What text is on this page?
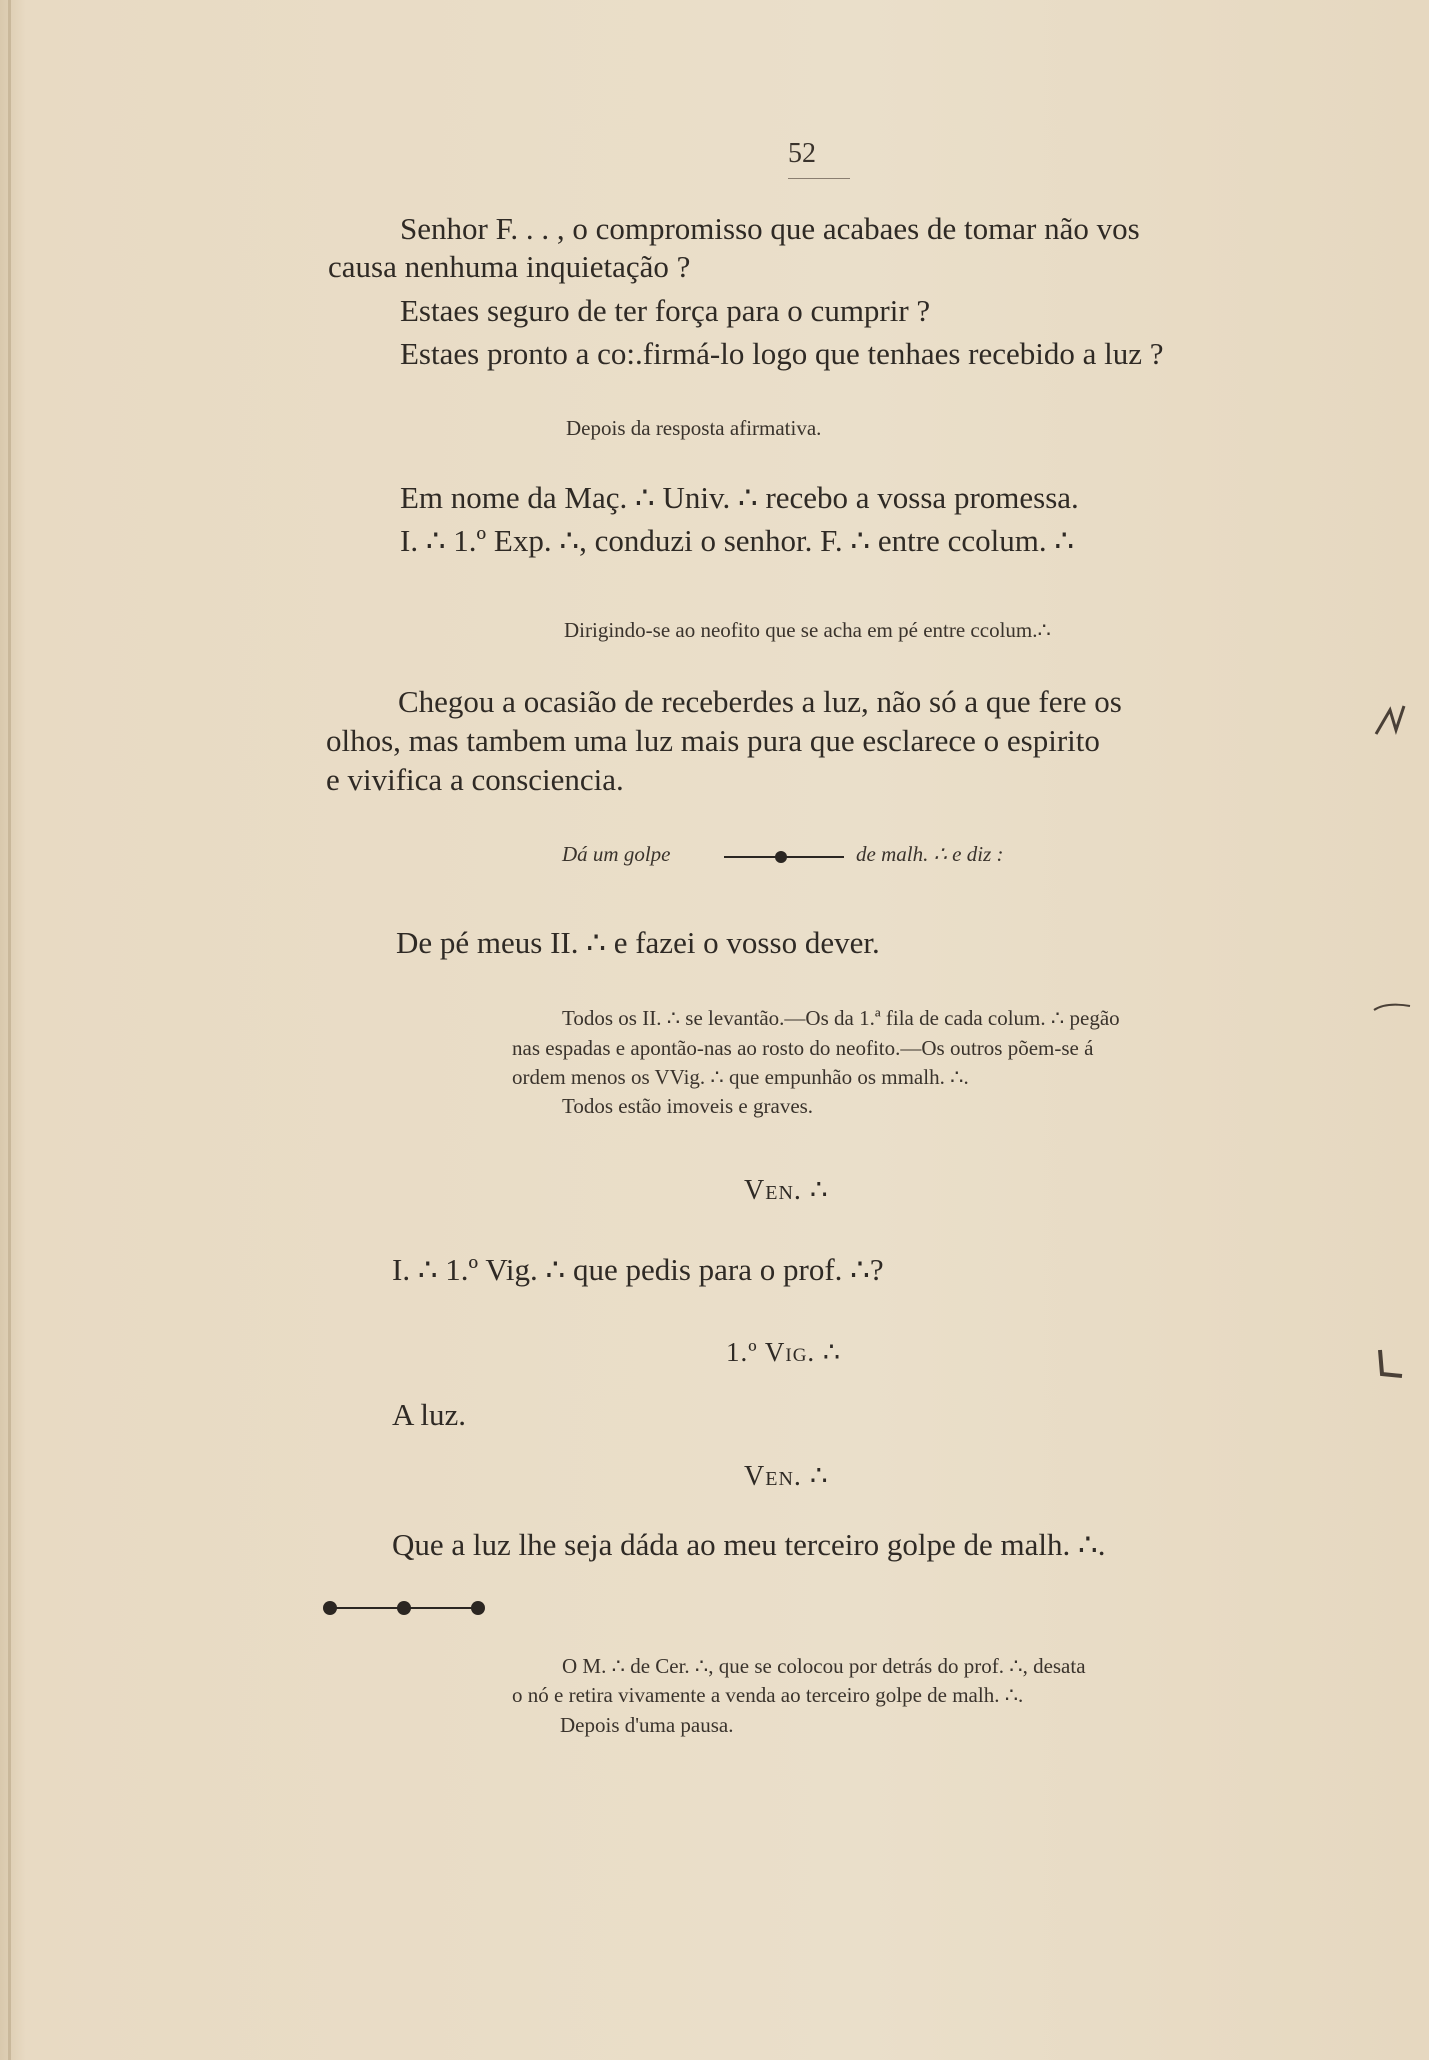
52
Senhor F. . . , o compromisso que acabaes de tomar não vos
causa nenhuma inquietação ?
Estaes seguro de ter força para o cumprir ?
Estaes pronto a co:.firmá-lo logo que tenhaes recebido a luz ?
Depois da resposta afirmativa.
Em nome da Maç. ∴ Univ. ∴ recebo a vossa promessa.
I. ∴ 1.º Exp. ∴, conduzi o senhor. F. ∴ entre ccolum. ∴
Dirigindo-se ao neofito que se acha em pé entre ccolum.∴
Chegou a ocasião de receberdes a luz, não só a que fere os
olhos, mas tambem uma luz mais pura que esclarece o espirito
e vivifica a consciencia.
Dá um golpe	de malh. ∴ e diz :
De pé meus II. ∴ e fazei o vosso dever.
Todos os II. ∴ se levantão.—Os da 1.ª fila de cada colum. ∴ pegão
nas espadas e apontão-nas ao rosto do neofito.—Os outros põem-se á
ordem menos os VVig. ∴ que empunhão os mmalh. ∴.
Todos estão imoveis e graves.
Ven. ∴
I. ∴ 1.º Vig. ∴ que pedis para o prof. ∴?
1.º Vig. ∴
A luz.
Ven. ∴
Que a luz lhe seja dáda ao meu terceiro golpe de malh. ∴.
O M. ∴ de Cer. ∴, que se colocou por detrás do prof. ∴, desata
o nó e retira vivamente a venda ao terceiro golpe de malh. ∴.
Depois d'uma pausa.
